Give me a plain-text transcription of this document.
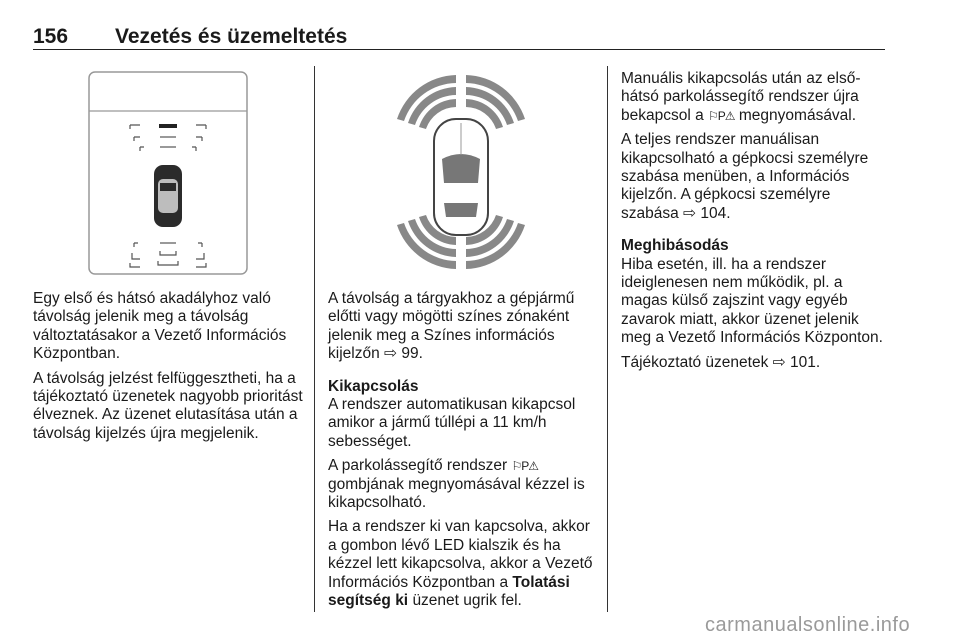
156 Vezetés és üzemeltetés

Egy első és hátsó akadályhoz való távolság jelenik meg a távolság változtatásakor a Vezető Információs Központban.

A távolság jelzést felfüggesztheti, ha a tájékoztató üzenetek nagyobb prioritást élveznek. Az üzenet elutasítása után a távolság kijelzés újra megjelenik.

A távolság a tárgyakhoz a gépjármű előtti vagy mögötti színes zónaként jelenik meg a Színes információs kijelzőn ⇨ 99.

Kikapcsolás

A rendszer automatikusan kikapcsol amikor a jármű túllépi a 11 km/h sebességet.

A parkolássegítő rendszer ⚐P⚠ gombjának megnyomásával kézzel is kikapcsolható.

Ha a rendszer ki van kapcsolva, akkor a gombon lévő LED kialszik és ha kézzel lett kikapcsolva, akkor a Vezető Információs Központban a Tolatási segítség ki üzenet ugrik fel.

Manuális kikapcsolás után az első-hátsó parkolássegítő rendszer újra bekapcsol a ⚐P⚠ megnyomásával.

A teljes rendszer manuálisan kikapcsolható a gépkocsi személyre szabása menüben, a Információs kijelzőn. A gépkocsi személyre szabása ⇨ 104.

Meghibásodás

Hiba esetén, ill. ha a rendszer ideiglenesen nem működik, pl. a magas külső zajszint vagy egyéb zavarok miatt, akkor üzenet jelenik meg a Vezető Információs Központon.

Tájékoztató üzenetek ⇨ 101.

carmanualsonline.info
